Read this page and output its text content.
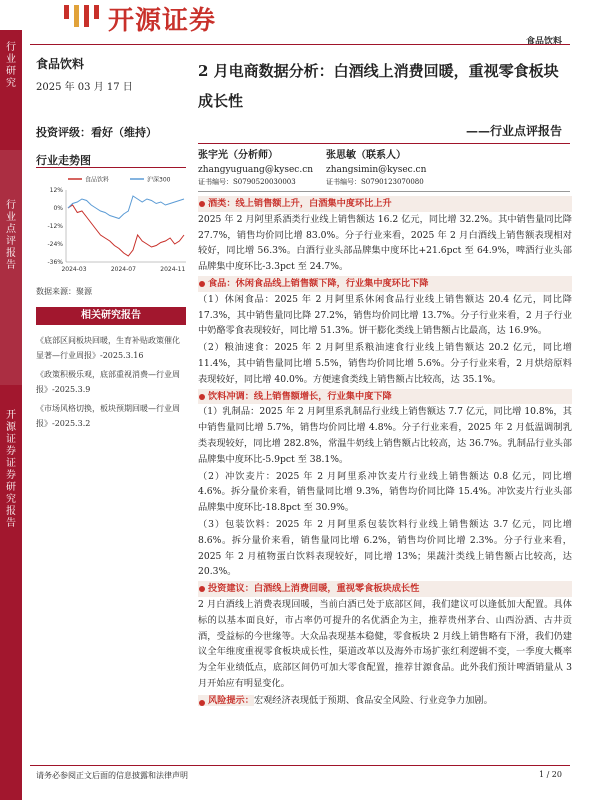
开源证券
食品饮料
行业研究
行业点评报告
开源证券 证券研究报告
食品饮料
2025 年 03 月 17 日
投资评级：看好（维持）
行业走势图
食品饮料	沪深300
12%
0%
-12%
-24%
-36%
2024-03	2024-07	2024-11
数据来源：聚源
相关研究报告
《底部区间板块回暖，生育补贴政策催化显著—行业周报》-2025.3.16
《政策积极乐观，底部重视消费—行业周报》-2025.3.9
《市场风格切换，板块预期回暖—行业周报》-2025.3.2
2 月电商数据分析：白酒线上消费回暖，重视零食板块成长性
——行业点评报告
张宇光（分析师）
zhangyuguang@kysec.cn
证书编号：S0790520030003
张思敏（联系人）
zhangsimin@kysec.cn
证书编号：S0790123070080
酒类：线上销售额上升，白酒集中度环比上升
2025 年 2 月阿里系酒类行业线上销售额达 16.2 亿元，同比增 32.2%。其中销售量同比降 27.7%，销售均价同比增 83.0%。分子行业来看，2025 年 2 月白酒线上销售额表现相对较好，同比增 56.3%。白酒行业头部品牌集中度环比+21.6pct 至 64.9%，啤酒行业头部品牌集中度环比-3.3pct 至 24.7%。
食品：休闲食品线上销售额下降，行业集中度环比下降
（1）休闲食品：2025 年 2 月阿里系休闲食品行业线上销售额达 20.4 亿元，同比降 17.3%，其中销售量同比降 27.2%，销售均价同比增 13.7%。分子行业来看，2 月子行业中奶酪零食表现较好，同比增 51.3%。饼干膨化类线上销售额占比最高，达 16.9%。
（2）粮油速食：2025 年 2 月阿里系粮油速食行业线上销售额达 20.2 亿元，同比增 11.4%，其中销售量同比增 5.5%，销售均价同比增 5.6%。分子行业来看，2 月烘焙原料表现较好，同比增 40.0%。方便速食类线上销售额占比较高，达 35.1%。
饮料冲调：线上销售额增长，行业集中度下降
（1）乳制品：2025 年 2 月阿里系乳制品行业线上销售额达 7.7 亿元，同比增 10.8%，其中销售量同比增 5.7%，销售均价同比增 4.8%。分子行业来看，2025 年 2 月低温调制乳类表现较好，同比增 282.8%，常温牛奶线上销售额占比较高，达 36.7%。乳制品行业头部品牌集中度环比-5.9pct 至 38.1%。
（2）冲饮麦片：2025 年 2 月阿里系冲饮麦片行业线上销售额达 0.8 亿元，同比增 4.6%。拆分量价来看，销售量同比增 9.3%，销售均价同比降 15.4%。冲饮麦片行业头部品牌集中度环比-18.8pct 至 30.9%。
（3）包装饮料：2025 年 2 月阿里系包装饮料行业线上销售额达 3.7 亿元，同比增 8.6%。拆分量价来看，销售量同比增 6.2%，销售均价同比增 2.3%。分子行业来看，2025 年 2 月植物蛋白饮料表现较好，同比增 13%；果蔬汁类线上销售额占比较高，达 20.3%。
投资建议：白酒线上消费回暖，重视零食板块成长性
2 月白酒线上消费表现回暖，当前白酒已处于底部区间，我们建议可以逢低加大配置。具体标的以基本面良好，市占率仍可提升的名优酒企为主，推荐贵州茅台、山西汾酒、古井贡酒，受益标的今世缘等。大众品表现基本稳健，零食板块 2 月线上销售略有下滑，我们仍建议全年维度重视零食板块成长性，渠道改革以及海外市场扩张红利逻辑不变，一季度大概率为全年业绩低点，底部区间仍可加大零食配置，推荐甘源食品。此外我们预计啤酒销量从 3 月开始应有明显变化。
风险提示：宏观经济表现低于预期、食品安全风险、行业竞争力加剧。
请务必参阅正文后面的信息披露和法律声明	1 / 20
